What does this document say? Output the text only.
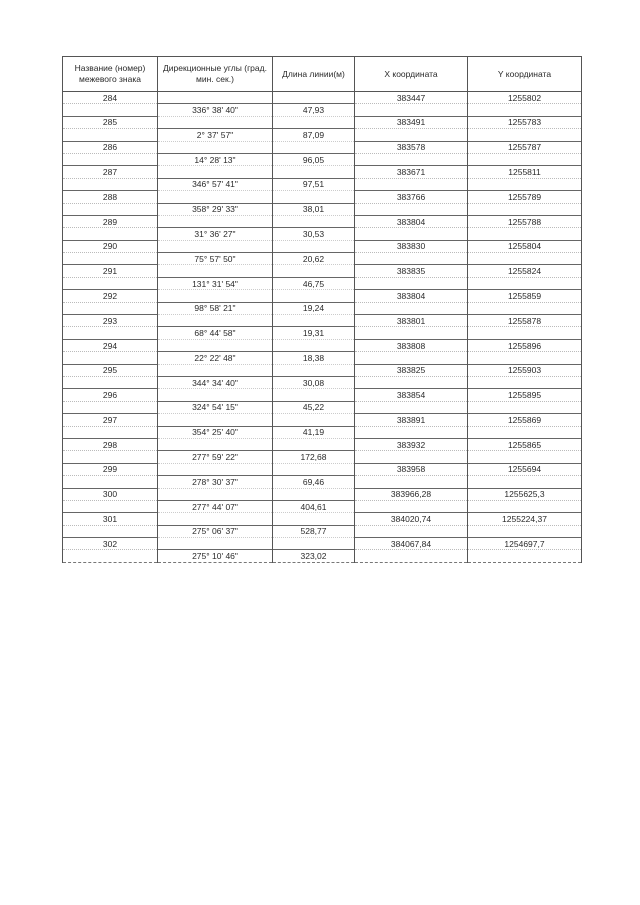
Название (номер) межевого знака	Дирекционные углы (град. мин. сек.)	Длина линии(м)	X координата	Y координата
284			383447	1255802
	336° 38' 40"	47,93		
285			383491	1255783
	2° 37' 57"	87,09		
286			383578	1255787
	14° 28' 13"	96,05		
287			383671	1255811
	346° 57' 41"	97,51		
288			383766	1255789
	358° 29' 33"	38,01		
289			383804	1255788
	31° 36' 27"	30,53		
290			383830	1255804
	75° 57' 50"	20,62		
291			383835	1255824
	131° 31' 54"	46,75		
292			383804	1255859
	98° 58' 21"	19,24		
293			383801	1255878
	68° 44' 58"	19,31		
294			383808	1255896
	22° 22' 48"	18,38		
295			383825	1255903
	344° 34' 40"	30,08		
296			383854	1255895
	324° 54' 15"	45,22		
297			383891	1255869
	354° 25' 40"	41,19		
298			383932	1255865
	277° 59' 22"	172,68		
299			383958	1255694
	278° 30' 37"	69,46		
300			383966,28	1255625,3
	277° 44' 07"	404,61		
301			384020,74	1255224,37
	275° 06' 37"	528,77		
302			384067,84	1254697,7
	275° 10' 46"	323,02		
